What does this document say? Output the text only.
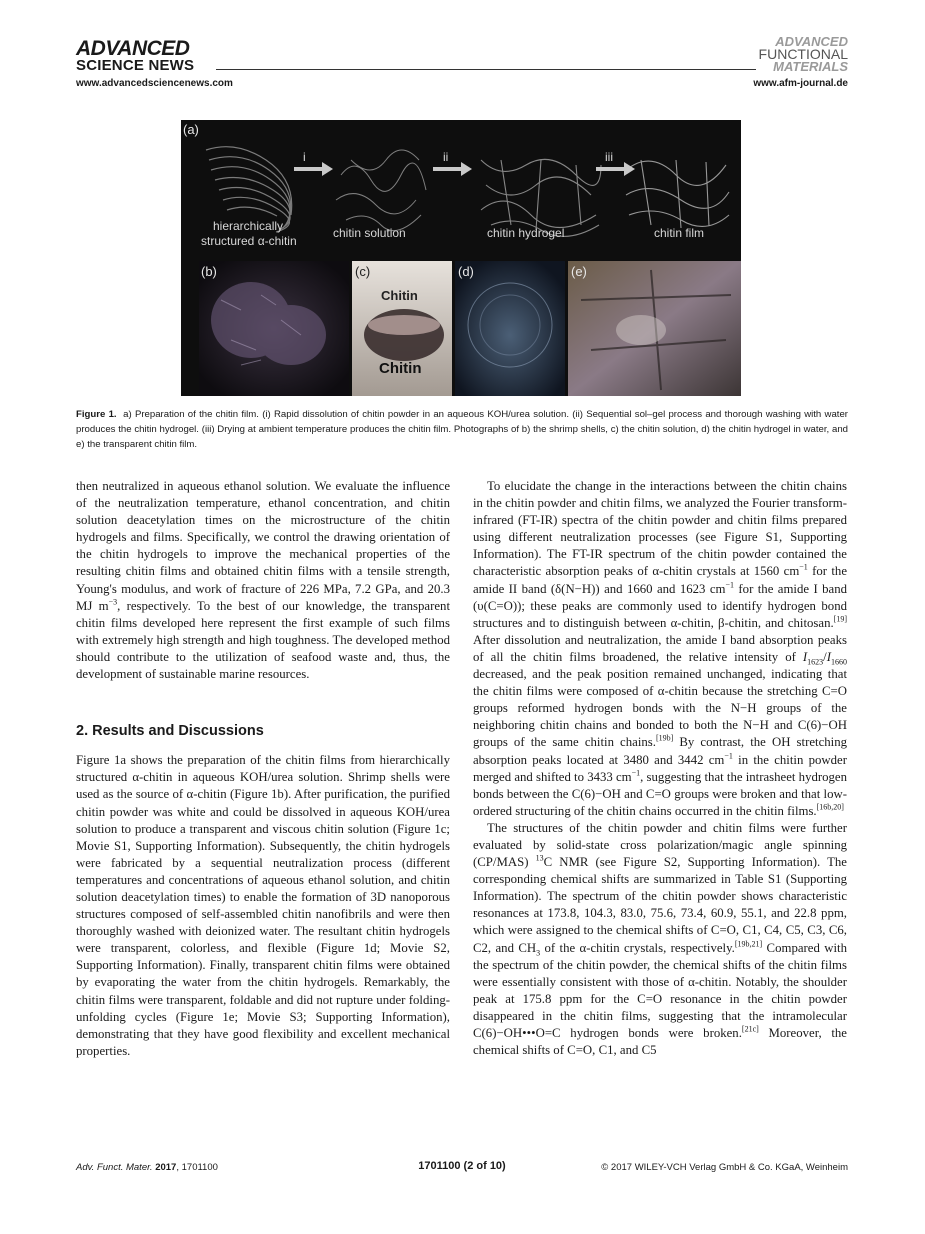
ADVANCED
SCIENCE NEWS
ADVANCED
FUNCTIONAL
MATERIALS
www.advancedsciencenews.com	www.afm-journal.de
(a)
i	ii	iii
hierarchically
structured α-chitin
chitin solution	chitin hydrogel	chitin film
(b)	(c)	(d)	(e)
Chitin
Chitin
Figure 1. a) Preparation of the chitin film. (i) Rapid dissolution of chitin powder in an aqueous KOH/urea solution. (ii) Sequential sol–gel process and thorough washing with water produces the chitin hydrogel. (iii) Drying at ambient temperature produces the chitin film. Photographs of b) the shrimp shells, c) the chitin solution, d) the chitin hydrogel in water, and e) the transparent chitin film.

then neutralized in aqueous ethanol solution. We evaluate the influence of the neutralization temperature, ethanol concentration, and chitin solution deacetylation times on the microstructure of the chitin hydrogels and films. Specifically, we control the drawing orientation of the chitin hydrogels to improve the mechanical properties of the resulting chitin films and obtained chitin films with a tensile strength, Young's modulus, and work of fracture of 226 MPa, 7.2 GPa, and 20.3 MJ $m^{-3}$, respectively. To the best of our knowledge, the transparent chitin films developed here represent the first example of such films with extremely high strength and high toughness. The developed method should contribute to the utilization of seafood waste and, thus, the development of sustainable marine resources.

2. Results and Discussions

Figure 1a shows the preparation of the chitin films from hierarchically structured α-chitin in aqueous KOH/urea solution. Shrimp shells were used as the source of α-chitin (Figure 1b). After purification, the purified chitin powder was white and could be dissolved in aqueous KOH/urea solution to produce a transparent and viscous chitin solution (Figure 1c; Movie S1, Supporting Information). Subsequently, the chitin hydrogels were fabricated by a sequential neutralization process (different temperatures and concentrations of aqueous ethanol solution, and chitin solution deacetylation times) to enable the formation of 3D nanoporous structures composed of self-assembled chitin nanofibrils and were then thoroughly washed with deionized water. The resultant chitin hydrogels were transparent, colorless, and flexible (Figure 1d; Movie S2, Supporting Information). Finally, transparent chitin films were obtained by evaporating the water from the chitin hydrogels. Remarkably, the chitin films were transparent, foldable and did not rupture under folding-unfolding cycles (Figure 1e; Movie S3; Supporting Information), demonstrating that they have good flexibility and excellent mechanical properties.

To elucidate the change in the interactions between the chitin chains in the chitin powder and chitin films, we analyzed the Fourier transform-infrared (FT-IR) spectra of the chitin powder and chitin films prepared using different neutralization processes (see Figure S1, Supporting Information). The FT-IR spectrum of the chitin powder contained the characteristic absorption peaks of α-chitin crystals at 1560 $cm^{-1}$ for the amide II band (δ(N−H)) and 1660 and 1623 $cm^{-1}$ for the amide I band (υ(C=O)); these peaks are commonly used to identify hydrogen bond structures and to distinguish between α-chitin, β-chitin, and chitosan.[19] After dissolution and neutralization, the amide I band absorption peaks of all the chitin films broadened, the relative intensity of $I_{1623}/I_{1660}$ decreased, and the peak position remained unchanged, indicating that the chitin films were composed of α-chitin because the stretching C=O groups reformed hydrogen bonds with the N−H groups of the neighboring chitin chains and bonded to both the N−H and C(6)−OH groups of the same chitin chains.[19b] By contrast, the OH stretching absorption peaks located at 3480 and 3442 $cm^{-1}$ in the chitin powder merged and shifted to 3433 $cm^{-1}$, suggesting that the intrasheet hydrogen bonds between the C(6)−OH and C=O groups were broken and that low-ordered structuring of the chitin chains occurred in the chitin films.[16b,20]

The structures of the chitin powder and chitin films were further evaluated by solid-state cross polarization/magic angle spinning (CP/MAS) $^{13}$C NMR (see Figure S2, Supporting Information). The corresponding chemical shifts are summarized in Table S1 (Supporting Information). The spectrum of the chitin powder shows characteristic resonances at 173.8, 104.3, 83.0, 75.6, 73.4, 60.9, 55.1, and 22.8 ppm, which were assigned to the chemical shifts of C=O, C1, C4, C5, C3, C6, C2, and $CH_3$ of the α-chitin crystals, respectively.[19b,21] Compared with the spectrum of the chitin powder, the chemical shifts of the chitin films were essentially consistent with those of α-chitin. Notably, the shoulder peak at 175.8 ppm for the C=O resonance in the chitin powder disappeared in the chitin films, suggesting that the intramolecular C(6)−OH•••O=C hydrogen bonds were broken.[21c] Moreover, the chemical shifts of C=O, C1, and C5

Adv. Funct. Mater. 2017, 1701100	1701100 (2 of 10)	© 2017 WILEY-VCH Verlag GmbH & Co. KGaA, Weinheim
